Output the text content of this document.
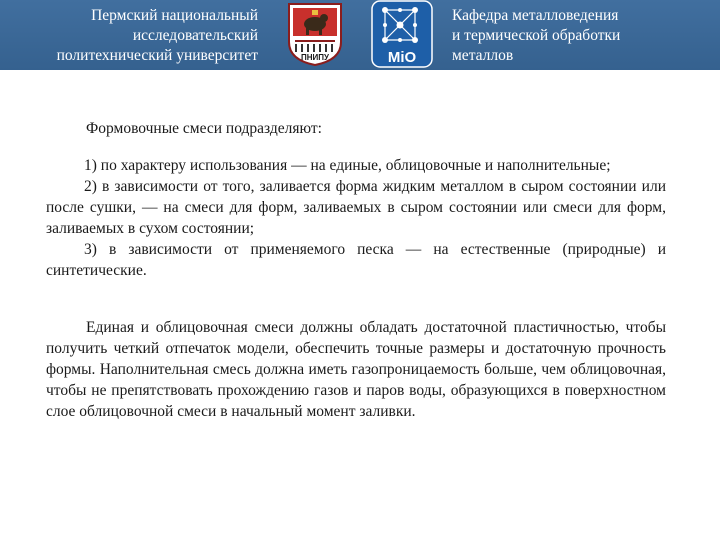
Пермский национальный
исследовательский
политехнический университет	ПНИПУ	МіО
Кафедра металловедения
и термической обработки
металлов

Формовочные смеси подразделяют:

1) по характеру использования — на единые, облицовочные и наполнительные;

2) в зависимости от того, заливается форма жидким металлом в сыром состоянии или после сушки, — на смеси для форм, заливаемых в сыром состоянии или смеси для форм, заливаемых в сухом состоянии;

3) в зависимости от применяемого песка — на естественные (природные) и синтетические.

Единая и облицовочная смеси должны обладать достаточной пластичностью, чтобы получить четкий отпечаток модели, обеспечить точные размеры и достаточную прочность формы. Наполнительная смесь должна иметь газопроницаемость больше, чем облицовочная, чтобы не препятствовать прохождению газов и паров воды, образующихся в поверхностном слое облицовочной смеси в начальный момент заливки.
